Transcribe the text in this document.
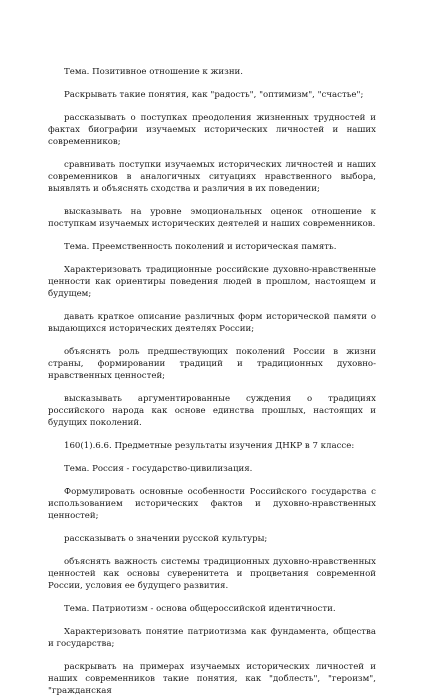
Тема. Позитивное отношение к жизни.

Раскрывать такие понятия, как "радость", "оптимизм", "счастье";

рассказывать о поступках преодоления жизненных трудностей и фактах биографии изучаемых исторических личностей и наших современников;

сравнивать поступки изучаемых исторических личностей и наших современников в аналогичных ситуациях нравственного выбора, выявлять и объяснять сходства и различия в их поведении;

высказывать на уровне эмоциональных оценок отношение к поступкам изучаемых исторических деятелей и наших современников.

Тема. Преемственность поколений и историческая память.

Характеризовать традиционные российские духовно-нравственные ценности как ориентиры поведения людей в прошлом, настоящем и будущем;

давать краткое описание различных форм исторической памяти о выдающихся исторических деятелях России;

объяснять роль предшествующих поколений России в жизни страны, формировании традиций и традиционных духовно-нравственных ценностей;

высказывать аргументированные суждения о традициях российского народа как основе единства прошлых, настоящих и будущих поколений.

160(1).6.6. Предметные результаты изучения ДНКР в 7 классе:

Тема. Россия - государство-цивилизация.

Формулировать основные особенности Российского государства с использованием исторических фактов и духовно-нравственных ценностей;

рассказывать о значении русской культуры;

объяснять важность системы традиционных духовно-нравственных ценностей как основы суверенитета и процветания современной России, условия ее будущего развития.

Тема. Патриотизм - основа общероссийской идентичности.

Характеризовать понятие патриотизма как фундамента, общества и государства;

раскрывать на примерах изучаемых исторических личностей и наших современников такие понятия, как "доблесть", "героизм", "гражданская
